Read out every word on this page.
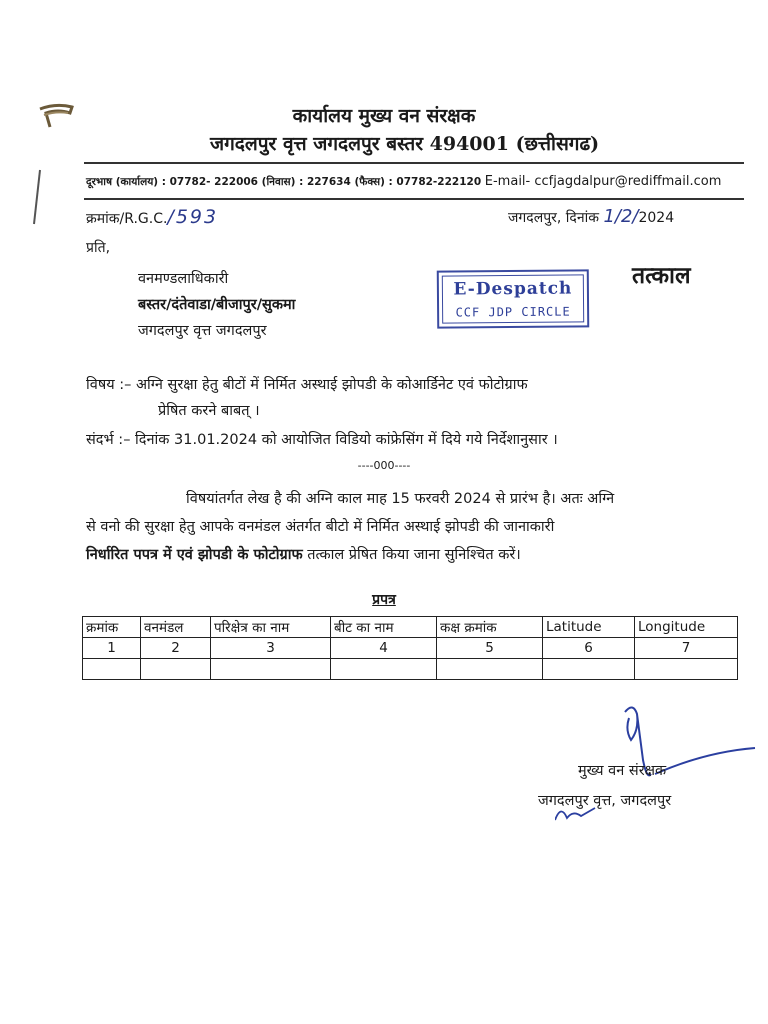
कार्यालय मुख्य वन संरक्षक
जगदलपुर वृत्त जगदलपुर बस्तर 494001 (छत्तीसगढ)
दूरभाष (कार्यालय) : 07782- 222006 (निवास) : 227634 (फैक्स) : 07782-222120 E-mail- ccfjagdalpur@rediffmail.com
क्रमांक/R.G.C./593	जगदलपुर, दिनांक 1/2/2024
प्रति,
वनमण्डलाधिकारी
बस्तर/दंतेवाडा/बीजापुर/सुकमा
जगदलपुर वृत्त जगदलपुर
E-Despatch
CCF JDP CIRCLE
तत्काल
विषय :– अग्नि सुरक्षा हेतु बीटों में निर्मित अस्थाई झोपडी के कोआर्डिनेट एवं फोटोग्राफ
प्रेषित करने बाबत् ।
संदर्भ :– दिनांक 31.01.2024 को आयोजित विडियो कांफ्रेसिंग में दिये गये निर्देशानुसार ।
----000----
विषयांतर्गत लेख है की अग्नि काल माह 15 फरवरी 2024 से प्रारंभ है। अतः अग्नि
से वनो की सुरक्षा हेतु आपके वनमंडल अंतर्गत बीटो में निर्मित अस्थाई झोपडी की जानाकारी
निर्धारित पपत्र में एवं झोपडी के फोटोग्राफ तत्काल प्रेषित किया जाना सुनिश्चित करें।
प्रपत्र
क्रमांक	वनमंडल	परिक्षेत्र का नाम	बीट का नाम	कक्ष क्रमांक	Latitude	Longitude
1	2	3	4	5	6	7

मुख्य वन संरक्षक
जगदलपुर वृत्त, जगदलपुर
